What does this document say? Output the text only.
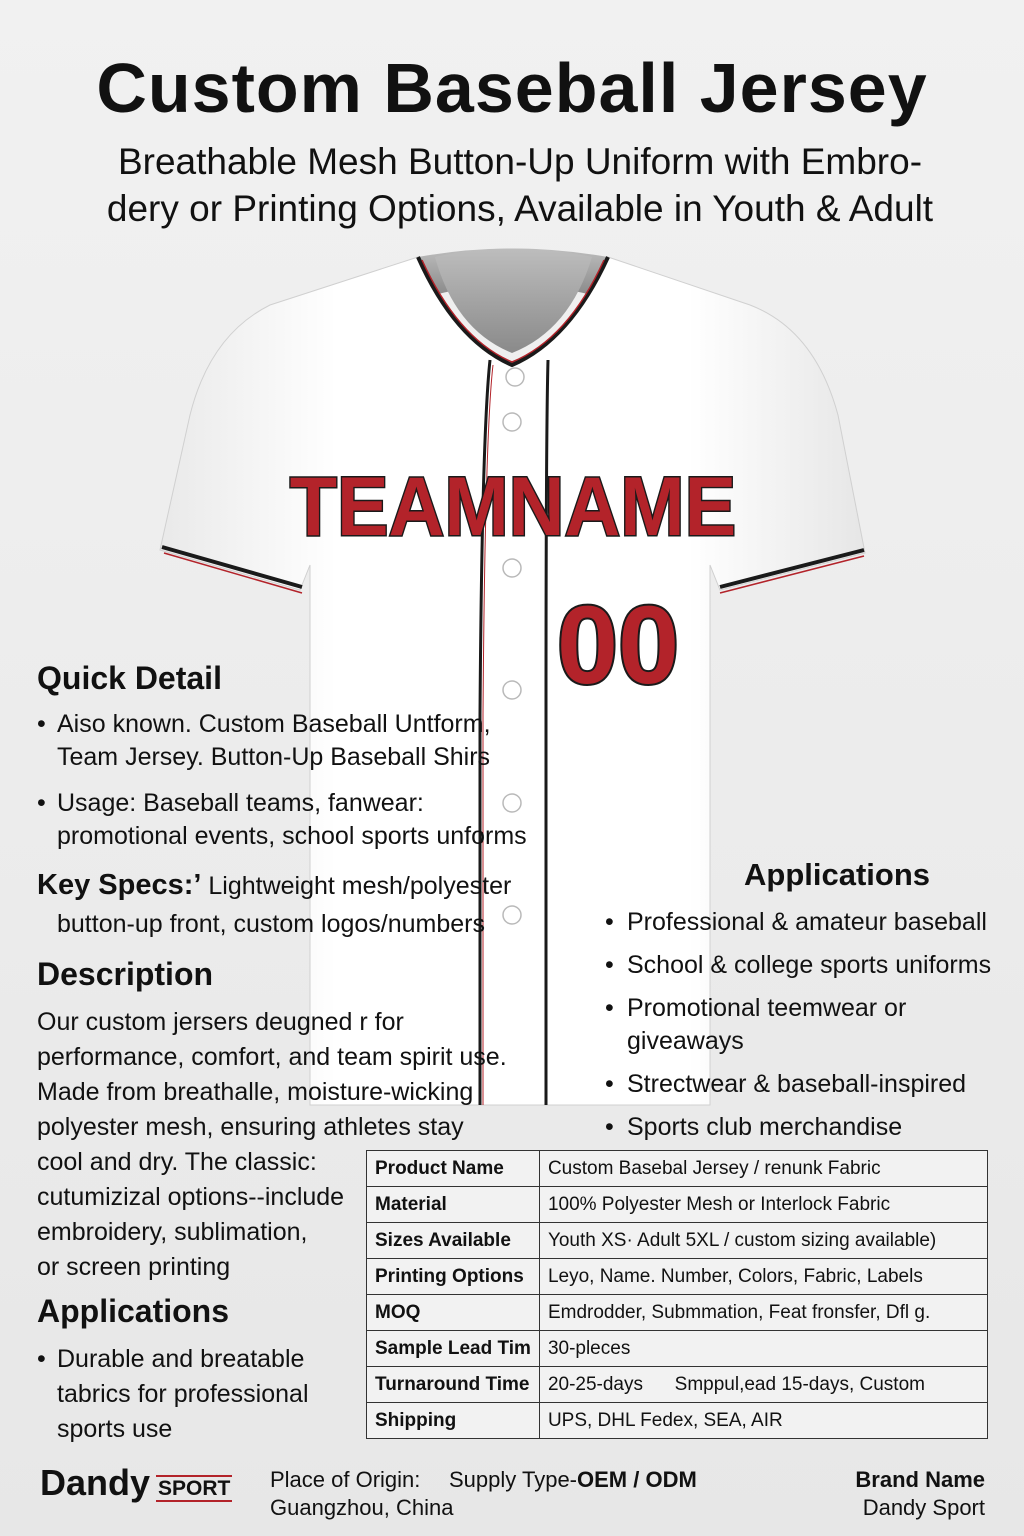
Custom Baseball Jersey
Breathable Mesh Button-Up Uniform with Embro-
dery or Printing Options, Available in Youth & Adult
TEAMNAME
00
Quick Detail
• Aiso known. Custom Baseball Untform,
Team Jersey. Button-Up Baseball Shirs
• Usage: Baseball teams, fanwear:
promotional events, school sports unforms
Key Specs:’ Lightweight mesh/polyester
button-up front, custom logos/numbers
Description
Our custom jersers deugned r for
performance, comfort, and team spirit use.
Made from breathalle, moisture-wicking
polyester mesh, ensuring athletes stay
cool and dry. The classic:
cutumizizal options--include
embroidery, sublimation,
or screen printing
Applications
• Durable and breatable
tabrics for professional
sports use
Applications
• Professional & amateur baseball
• School & college sports uniforms
• Promotional teemwear or giveaways
• Strectwear & baseball-inspired
• Sports club merchandise
Product Name	Custom Basebal Jersey / renunk Fabric
Material	100% Polyester Mesh or Interlock Fabric
Sizes Available	Youth XS· Adult 5XL / custom sizing available)
Printing Options	Leyo, Name. Number, Colors, Fabric, Labels
MOQ	Emdrodder, Submmation, Feat fronsfer, Dfl g.
Sample Lead Tim	30-pleces
Turnaround Time	20-25-days      Smppul,ead 15-days, Custom
Shipping	UPS, DHL Fedex, SEA, AIR
Dandy SPORT Place of Origin:
Guangzhou, China
Supply Type-OEM / ODM	Brand Name
Dandy Sport
